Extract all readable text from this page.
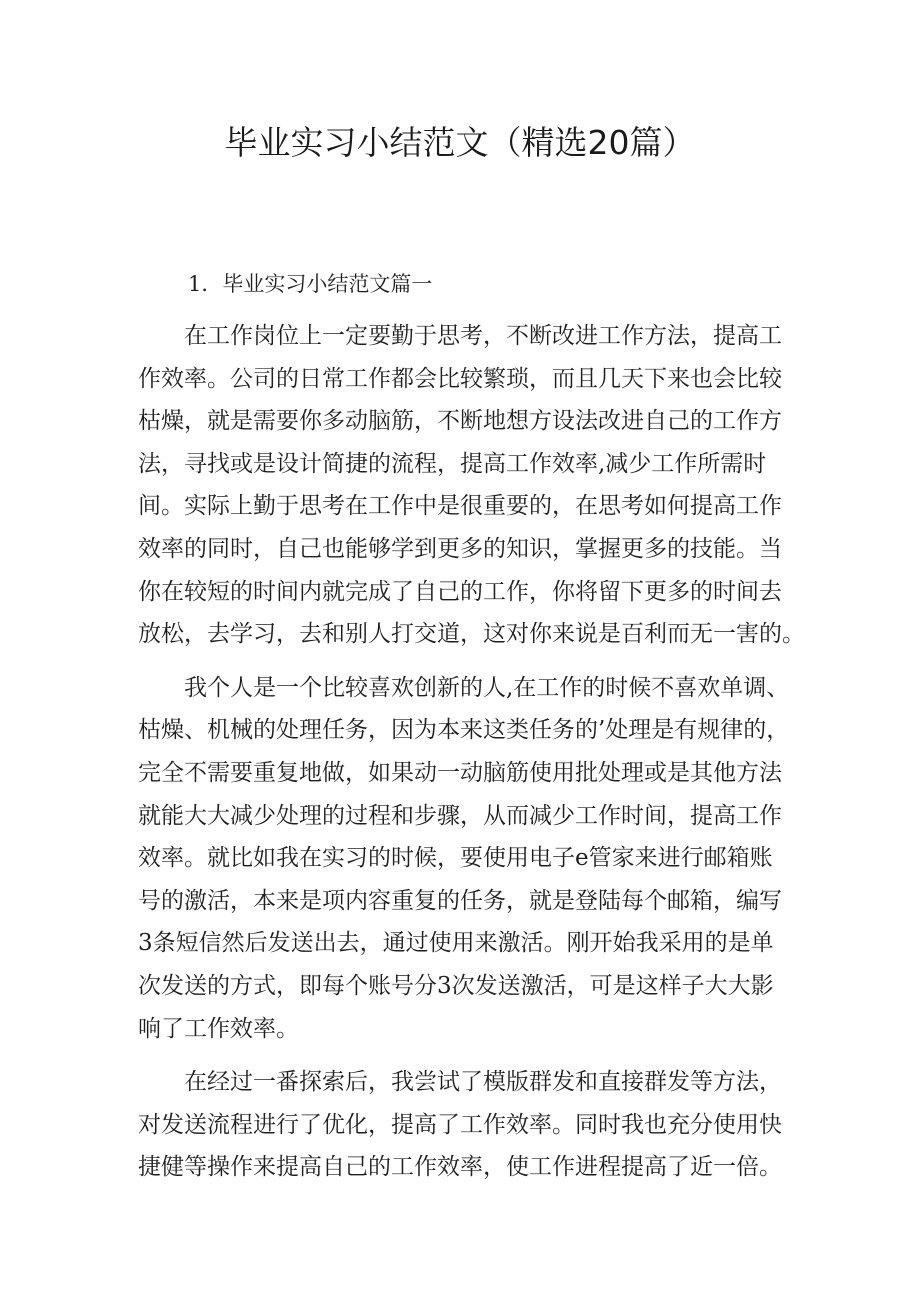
毕业实习小结范文（精选20篇）
1．毕业实习小结范文篇一
在工作岗位上一定要勤于思考，不断改进工作方法，提高工
作效率。公司的日常工作都会比较繁琐，而且几天下来也会比较
枯燥，就是需要你多动脑筋，不断地想方设法改进自己的工作方
法，寻找或是设计简捷的流程，提高工作效率,减少工作所需时
间。实际上勤于思考在工作中是很重要的，在思考如何提高工作
效率的同时，自己也能够学到更多的知识，掌握更多的技能。当
你在较短的时间内就完成了自己的工作，你将留下更多的时间去
放松，去学习，去和别人打交道，这对你来说是百利而无一害的。
我个人是一个比较喜欢创新的人,在工作的时候不喜欢单调、
枯燥、机械的处理任务，因为本来这类任务的’处理是有规律的，
完全不需要重复地做，如果动一动脑筋使用批处理或是其他方法
就能大大减少处理的过程和步骤，从而减少工作时间，提高工作
效率。就比如我在实习的时候，要使用电子e管家来进行邮箱账
号的激活，本来是项内容重复的任务，就是登陆每个邮箱，编写
3条短信然后发送出去，通过使用来激活。刚开始我采用的是单
次发送的方式，即每个账号分3次发送激活，可是这样子大大影
响了工作效率。
在经过一番探索后，我尝试了模版群发和直接群发等方法，
对发送流程进行了优化，提高了工作效率。同时我也充分使用快
捷健等操作来提高自己的工作效率，使工作进程提高了近一倍。
